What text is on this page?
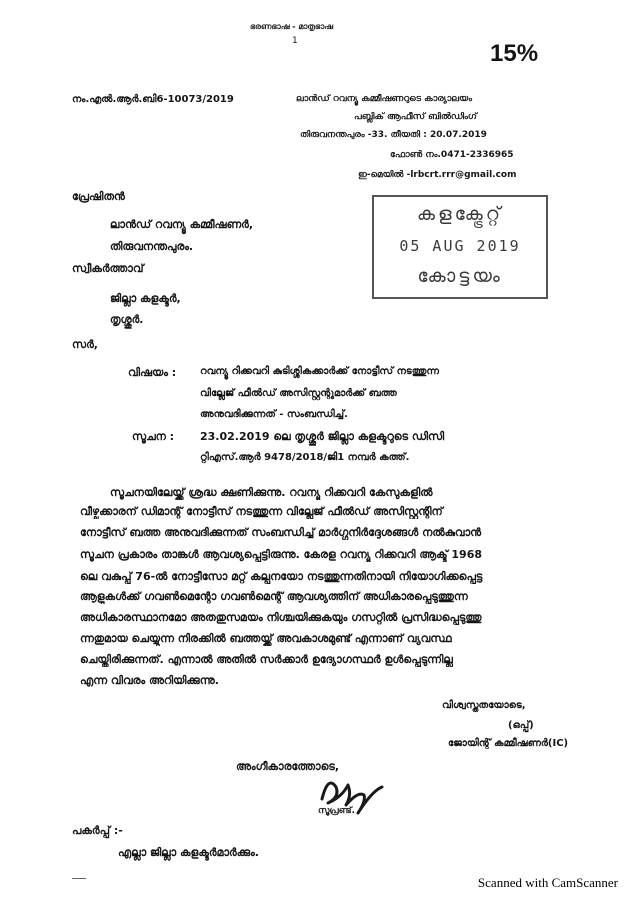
ഭരണഭാഷ - മാതൃഭാഷ
1	15%
നം.എൽ.ആർ.ബി6-10073/2019	ലാൻഡ് റവന്യൂ കമ്മീഷണറുടെ കാര്യാലയം
പബ്ലിക് ആഫീസ് ബിൽഡിംഗ്
തിരുവനന്തപുരം -33. തീയതി : 20.07.2019
ഫോൺ നം.0471-2336965
ഇ-മെയിൽ -lrbcrt.rrr@gmail.com
കളക്ട്രേറ്റ്
05 AUG 2019
കോട്ടയം
പ്രേഷിതൻ
ലാൻഡ് റവന്യൂ കമ്മീഷണർ,
തിരുവനന്തപുരം.
സ്വീകർത്താവ്
ജില്ലാ കളക്ടർ,
തൃശ്ശൂർ.
സർ,
വിഷയം : റവന്യൂ റിക്കവറി കുടിശ്ശികക്കാർക്ക് നോട്ടീസ് നടത്തുന്ന
വില്ലേജ് ഫീൽഡ് അസിസ്റ്റന്റുമാർക്ക് ബത്ത
അനുവദിക്കുന്നത് - സംബന്ധിച്ച്.
സൂചന : 23.02.2019 ലെ തൃശ്ശൂർ ജില്ലാ കളക്ടറുടെ ഡിസി
റ്റിഎസ്.ആർ 9478/2018/ജി1 നമ്പർ കത്ത്.
സൂചനയിലേയ്ക്ക് ശ്രദ്ധ ക്ഷണിക്കുന്നു. റവന്യൂ റിക്കവറി കേസുകളിൽ
വീഴ്ചക്കാരന് ഡിമാന്റ് നോട്ടീസ് നടത്തുന്ന വില്ലേജ് ഫീൽഡ് അസിസ്റ്റന്റിന്
നോട്ടീസ് ബത്ത അനുവദിക്കുന്നത് സംബന്ധിച്ച് മാർഗ്ഗനിർദ്ദേശങ്ങൾ നൽകുവാൻ
സൂചന പ്രകാരം താങ്കൾ ആവശ്യപ്പെട്ടിരുന്നു. കേരള റവന്യൂ റിക്കവറി ആക്ട് 1968
ലെ വകുപ്പ് 76-ൽ നോട്ടീസോ മറ്റ് കല്പനയോ നടത്തുന്നതിനായി നിയോഗിക്കപ്പെട്ട
ആളുകൾക്ക് ഗവൺമെന്റോ ഗവൺമെന്റ് ആവശ്യത്തിന് അധികാരപ്പെടുത്തുന്ന
അധികാരസ്ഥാനമോ അതതുസമയം നിശ്ചയിക്കുകയും ഗസറ്റിൽ പ്രസിദ്ധപ്പെടുത്തു
ന്നതുമായ ചെയ്യുന്ന നിരക്കിൽ ബത്തയ്ക്ക് അവകാശമുണ്ട് എന്നാണ് വ്യവസ്ഥ
ചെയ്തിരിക്കുന്നത്. എന്നാൽ അതിൽ സർക്കാർ ഉദ്യോഗസ്ഥർ ഉൾപ്പെടുന്നില്ല
എന്ന വിവരം അറിയിക്കുന്നു.
വിശ്വസ്തതയോടെ,
(ഒപ്പ്)
ജോയിന്റ് കമ്മീഷണർ(IC)
അംഗീകാരത്തോടെ,
സൂപ്രണ്ട്.
പകർപ്പ് :-
എല്ലാ ജില്ലാ കളക്ടർമാർക്കും.
Scanned with CamScanner
